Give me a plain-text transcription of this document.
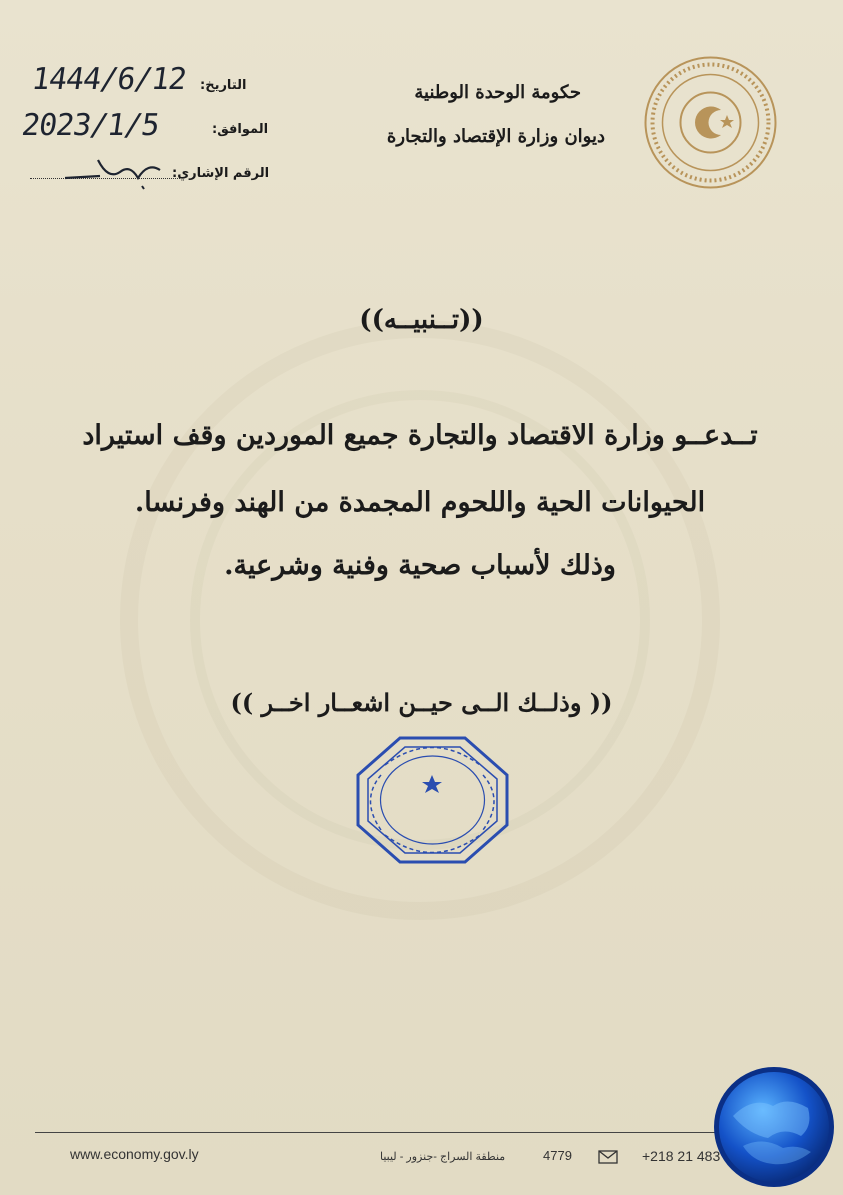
التاريخ:
1444/6/12
الموافق:
2023/1/5
الرقم الإشاري:
حكومة الوحدة الوطنية
ديوان وزارة الإقتصاد والتجارة
((تــنبيــه))
تــدعــو وزارة الاقتصاد والتجارة جميع الموردين وقف استيراد
الحيوانات الحية واللحوم المجمدة من الهند وفرنسا.
وذلك لأسباب صحية وفنية وشرعية.
(( وذلــك الــى حيــن اشعــار اخــر ))
www.economy.gov.ly	منطقة السراج -جنزور - ليبيا	4779	+218 21 483
